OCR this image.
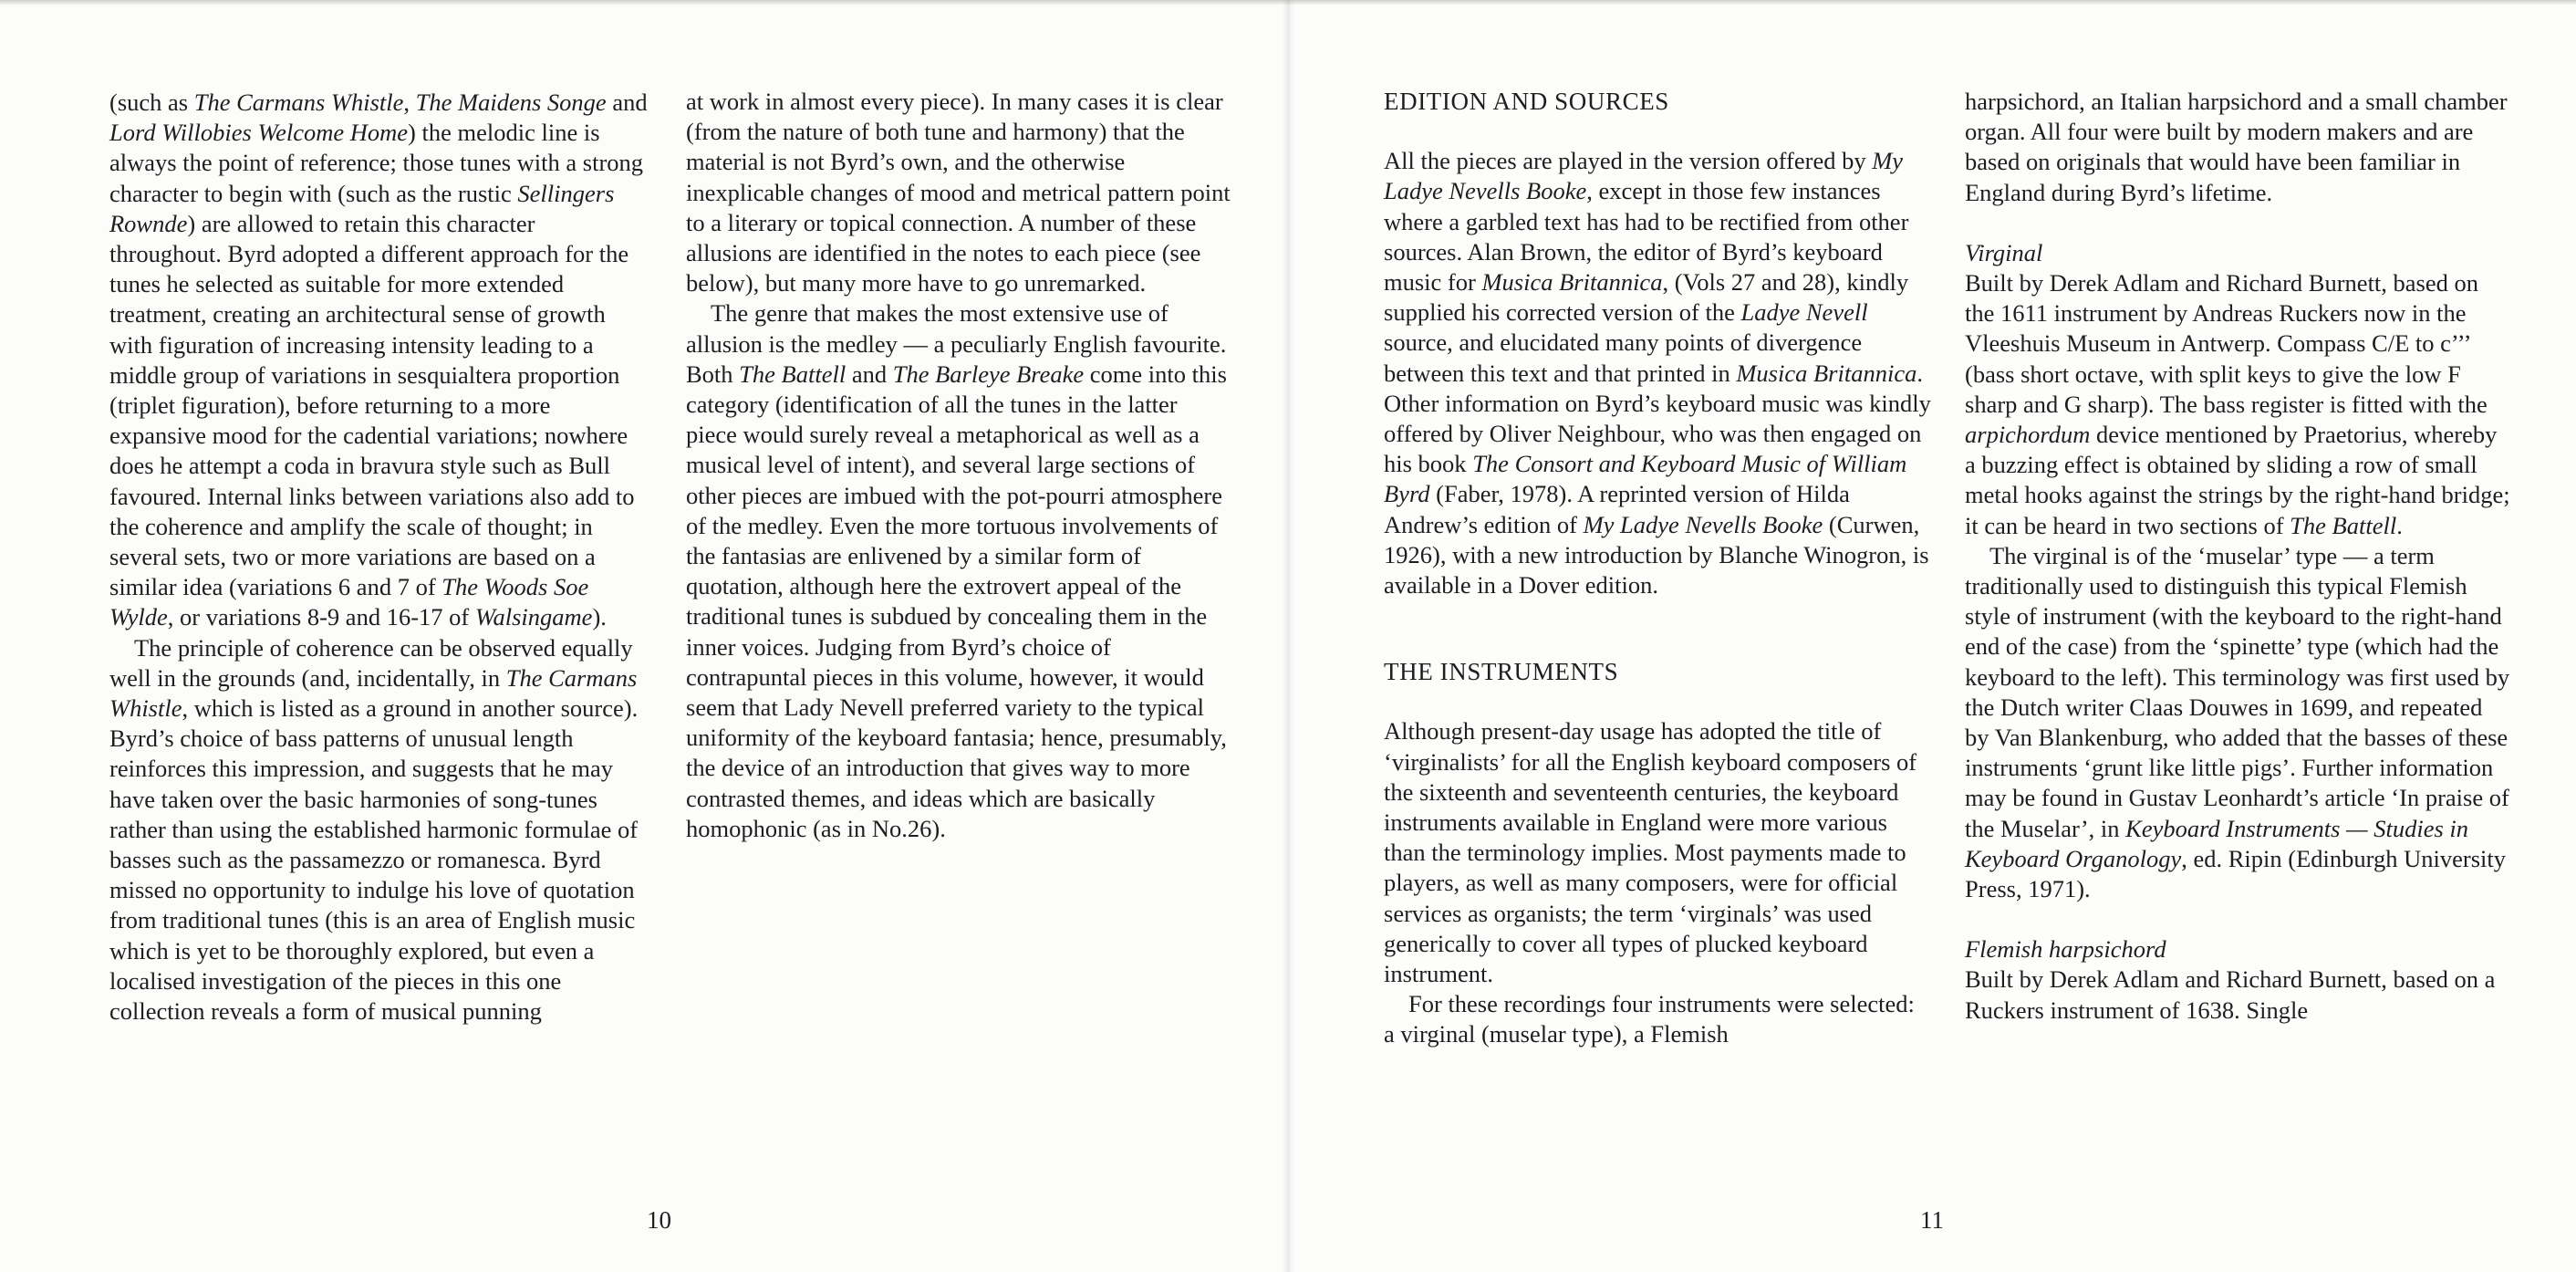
(such as The Carmans Whistle, The Maidens Songe and Lord Willobies Welcome Home) the melodic line is always the point of reference; those tunes with a strong character to begin with (such as the rustic Sellingers Rownde) are allowed to retain this character throughout. Byrd adopted a different approach for the tunes he selected as suitable for more extended treatment, creating an architectural sense of growth with figuration of increasing intensity leading to a middle group of variations in sesquialtera proportion (triplet figuration), before returning to a more expansive mood for the cadential variations; nowhere does he attempt a coda in bravura style such as Bull favoured. Internal links between variations also add to the coherence and amplify the scale of thought; in several sets, two or more variations are based on a similar idea (variations 6 and 7 of The Woods Soe Wylde, or variations 8-9 and 16-17 of Walsingame).

The principle of coherence can be observed equally well in the grounds (and, incidentally, in The Carmans Whistle, which is listed as a ground in another source). Byrd’s choice of bass patterns of unusual length reinforces this impression, and suggests that he may have taken over the basic harmonies of song-tunes rather than using the established harmonic formulae of basses such as the passamezzo or romanesca. Byrd missed no opportunity to indulge his love of quotation from traditional tunes (this is an area of English music which is yet to be thoroughly explored, but even a localised investigation of the pieces in this one collection reveals a form of musical punning

at work in almost every piece). In many cases it is clear (from the nature of both tune and harmony) that the material is not Byrd’s own, and the otherwise inexplicable changes of mood and metrical pattern point to a literary or topical connection. A number of these allusions are identified in the notes to each piece (see below), but many more have to go unremarked.

The genre that makes the most extensive use of allusion is the medley — a peculiarly English favourite. Both The Battell and The Barleye Breake come into this category (identification of all the tunes in the latter piece would surely reveal a metaphorical as well as a musical level of intent), and several large sections of other pieces are imbued with the pot-pourri atmosphere of the medley. Even the more tortuous involvements of the fantasias are enlivened by a similar form of quotation, although here the extrovert appeal of the traditional tunes is subdued by concealing them in the inner voices. Judging from Byrd’s choice of contrapuntal pieces in this volume, however, it would seem that Lady Nevell preferred variety to the typical uniformity of the keyboard fantasia; hence, presumably, the device of an introduction that gives way to more contrasted themes, and ideas which are basically homophonic (as in No.26).

10
EDITION AND SOURCES

All the pieces are played in the version offered by My Ladye Nevells Booke, except in those few instances where a garbled text has had to be rectified from other sources. Alan Brown, the editor of Byrd’s keyboard music for Musica Britannica, (Vols 27 and 28), kindly supplied his corrected version of the Ladye Nevell source, and elucidated many points of divergence between this text and that printed in Musica Britannica. Other information on Byrd’s keyboard music was kindly offered by Oliver Neighbour, who was then engaged on his book The Consort and Keyboard Music of William Byrd (Faber, 1978). A reprinted version of Hilda Andrew’s edition of My Ladye Nevells Booke (Curwen, 1926), with a new introduction by Blanche Winogron, is available in a Dover edition.

THE INSTRUMENTS

Although present-day usage has adopted the title of ‘virginalists’ for all the English keyboard composers of the sixteenth and seventeenth centuries, the keyboard instruments available in England were more various than the terminology implies. Most payments made to players, as well as many composers, were for official services as organists; the term ‘virginals’ was used generically to cover all types of plucked keyboard instrument.

For these recordings four instruments were selected: a virginal (muselar type), a Flemish

harpsichord, an Italian harpsichord and a small chamber organ. All four were built by modern makers and are based on originals that would have been familiar in England during Byrd’s lifetime.

Virginal

Built by Derek Adlam and Richard Burnett, based on the 1611 instrument by Andreas Ruckers now in the Vleeshuis Museum in Antwerp. Compass C/E to c’’’ (bass short octave, with split keys to give the low F sharp and G sharp). The bass register is fitted with the arpichordum device mentioned by Praetorius, whereby a buzzing effect is obtained by sliding a row of small metal hooks against the strings by the right-hand bridge; it can be heard in two sections of The Battell.

The virginal is of the ‘muselar’ type — a term traditionally used to distinguish this typical Flemish style of instrument (with the keyboard to the right-hand end of the case) from the ‘spinette’ type (which had the keyboard to the left). This terminology was first used by the Dutch writer Claas Douwes in 1699, and repeated by Van Blankenburg, who added that the basses of these instruments ‘grunt like little pigs’. Further information may be found in Gustav Leonhardt’s article ‘In praise of the Muselar’, in Keyboard Instruments — Studies in Keyboard Organology, ed. Ripin (Edinburgh University Press, 1971).

Flemish harpsichord

Built by Derek Adlam and Richard Burnett, based on a Ruckers instrument of 1638. Single

11
